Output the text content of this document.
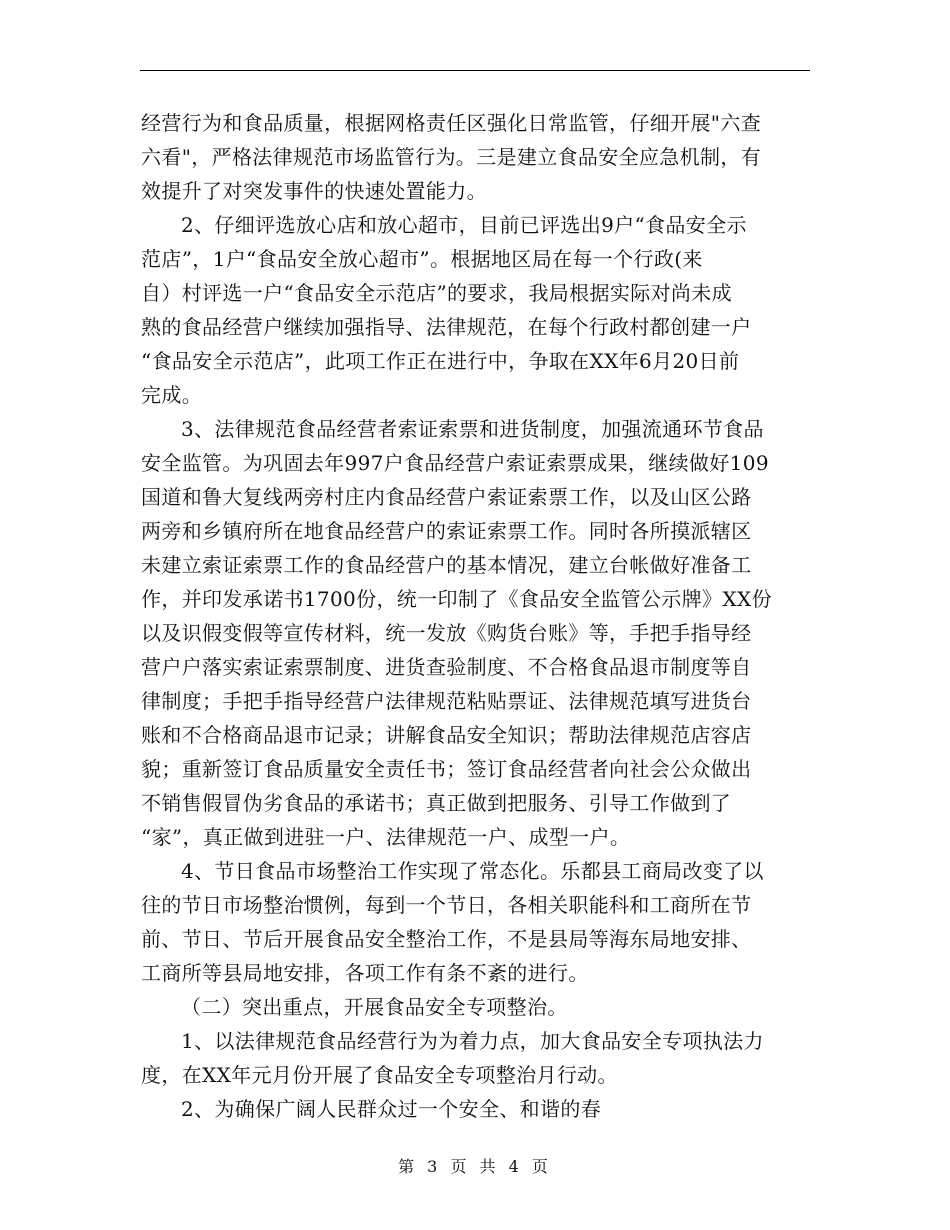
经营行为和食品质量，根据网格责任区强化日常监管，仔细开展"六查
六看"，严格法律规范市场监管行为。三是建立食品安全应急机制，有
效提升了对突发事件的快速处置能力。
2、仔细评选放心店和放心超市，目前已评选出9户“食品安全示
范店”，1户“食品安全放心超市”。根据地区局在每一个行政(来
自）村评选一户“食品安全示范店”的要求，我局根据实际对尚未成
熟的食品经营户继续加强指导、法律规范，在每个行政村都创建一户
“食品安全示范店”，此项工作正在进行中，争取在XX年6月20日前
完成。
3、法律规范食品经营者索证索票和进货制度，加强流通环节食品
安全监管。为巩固去年997户食品经营户索证索票成果，继续做好109
国道和鲁大复线两旁村庄内食品经营户索证索票工作，以及山区公路
两旁和乡镇府所在地食品经营户的索证索票工作。同时各所摸派辖区
未建立索证索票工作的食品经营户的基本情况，建立台帐做好准备工
作，并印发承诺书1700份，统一印制了《食品安全监管公示牌》XX份
以及识假变假等宣传材料，统一发放《购货台账》等，手把手指导经
营户户落实索证索票制度、进货查验制度、不合格食品退市制度等自
律制度；手把手指导经营户法律规范粘贴票证、法律规范填写进货台
账和不合格商品退市记录；讲解食品安全知识；帮助法律规范店容店
貌；重新签订食品质量安全责任书；签订食品经营者向社会公众做出
不销售假冒伪劣食品的承诺书；真正做到把服务、引导工作做到了
“家”，真正做到进驻一户、法律规范一户、成型一户。
4、节日食品市场整治工作实现了常态化。乐都县工商局改变了以
往的节日市场整治惯例，每到一个节日，各相关职能科和工商所在节
前、节日、节后开展食品安全整治工作，不是县局等海东局地安排、
工商所等县局地安排，各项工作有条不紊的进行。
（二）突出重点，开展食品安全专项整治。
1、以法律规范食品经营行为为着力点，加大食品安全专项执法力
度，在XX年元月份开展了食品安全专项整治月行动。
2、为确保广阔人民群众过一个安全、和谐的春
第 3 页 共 4 页
